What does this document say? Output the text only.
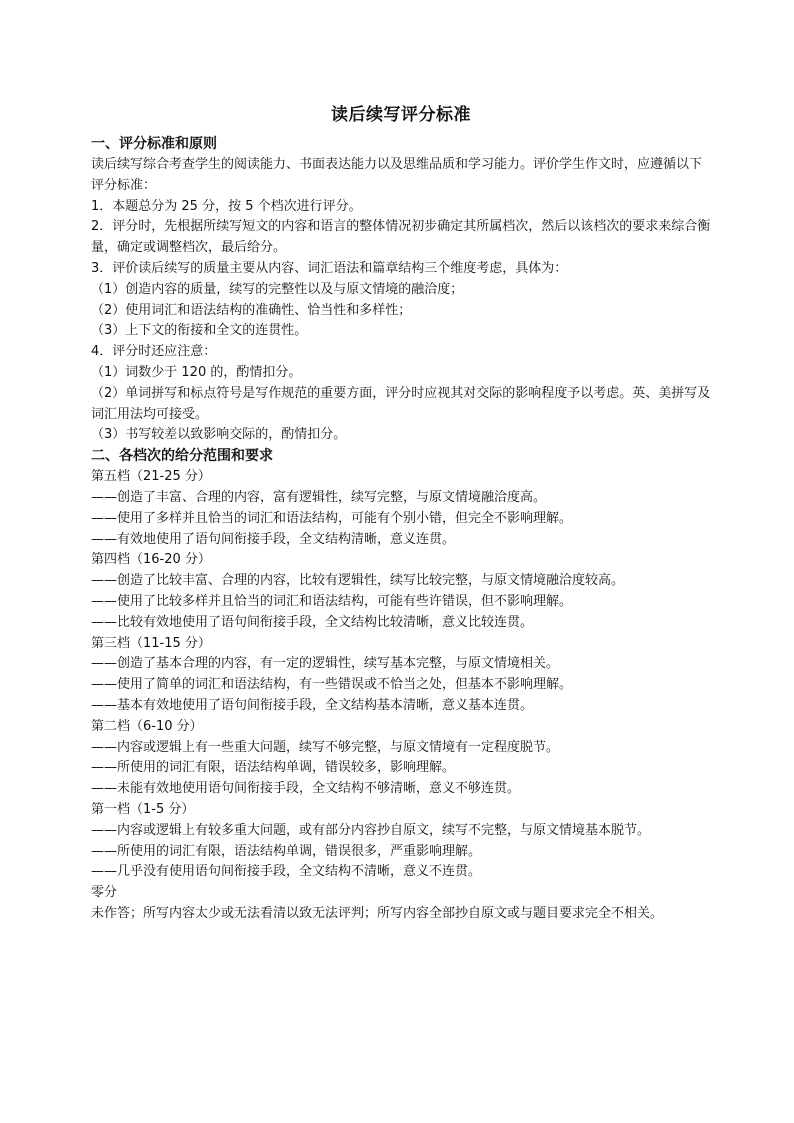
读后续写评分标准
一、评分标准和原则
读后续写综合考查学生的阅读能力、书面表达能力以及思维品质和学习能力。评价学生作文时，应遵循以下评分标准：
1．本题总分为 25 分，按 5 个档次进行评分。
2．评分时，先根据所续写短文的内容和语言的整体情况初步确定其所属档次，然后以该档次的要求来综合衡量，确定或调整档次，最后给分。
3．评价读后续写的质量主要从内容、词汇语法和篇章结构三个维度考虑，具体为：
（1）创造内容的质量，续写的完整性以及与原文情境的融洽度；
（2）使用词汇和语法结构的准确性、恰当性和多样性；
（3）上下文的衔接和全文的连贯性。
4．评分时还应注意：
（1）词数少于 120 的，酌情扣分。
（2）单词拼写和标点符号是写作规范的重要方面，评分时应视其对交际的影响程度予以考虑。英、美拼写及词汇用法均可接受。
（3）书写较差以致影响交际的，酌情扣分。
二、各档次的给分范围和要求
第五档（21-25 分）
——创造了丰富、合理的内容，富有逻辑性，续写完整，与原文情境融洽度高。
——使用了多样并且恰当的词汇和语法结构，可能有个别小错，但完全不影响理解。
——有效地使用了语句间衔接手段，全文结构清晰，意义连贯。
第四档（16-20 分）
——创造了比较丰富、合理的内容，比较有逻辑性，续写比较完整，与原文情境融洽度较高。
——使用了比较多样并且恰当的词汇和语法结构，可能有些许错误，但不影响理解。
——比较有效地使用了语句间衔接手段，全文结构比较清晰，意义比较连贯。
第三档（11-15 分）
——创造了基本合理的内容，有一定的逻辑性，续写基本完整，与原文情境相关。
——使用了简单的词汇和语法结构，有一些错误或不恰当之处，但基本不影响理解。
——基本有效地使用了语句间衔接手段，全文结构基本清晰，意义基本连贯。
第二档（6-10 分）
——内容或逻辑上有一些重大问题，续写不够完整，与原文情境有一定程度脱节。
——所使用的词汇有限，语法结构单调，错误较多，影响理解。
——未能有效地使用语句间衔接手段，全文结构不够清晰，意义不够连贯。
第一档（1-5 分）
——内容或逻辑上有较多重大问题，或有部分内容抄自原文，续写不完整，与原文情境基本脱节。
——所使用的词汇有限，语法结构单调，错误很多，严重影响理解。
——几乎没有使用语句间衔接手段，全文结构不清晰，意义不连贯。
零分
未作答；所写内容太少或无法看清以致无法评判；所写内容全部抄自原文或与题目要求完全不相关。
